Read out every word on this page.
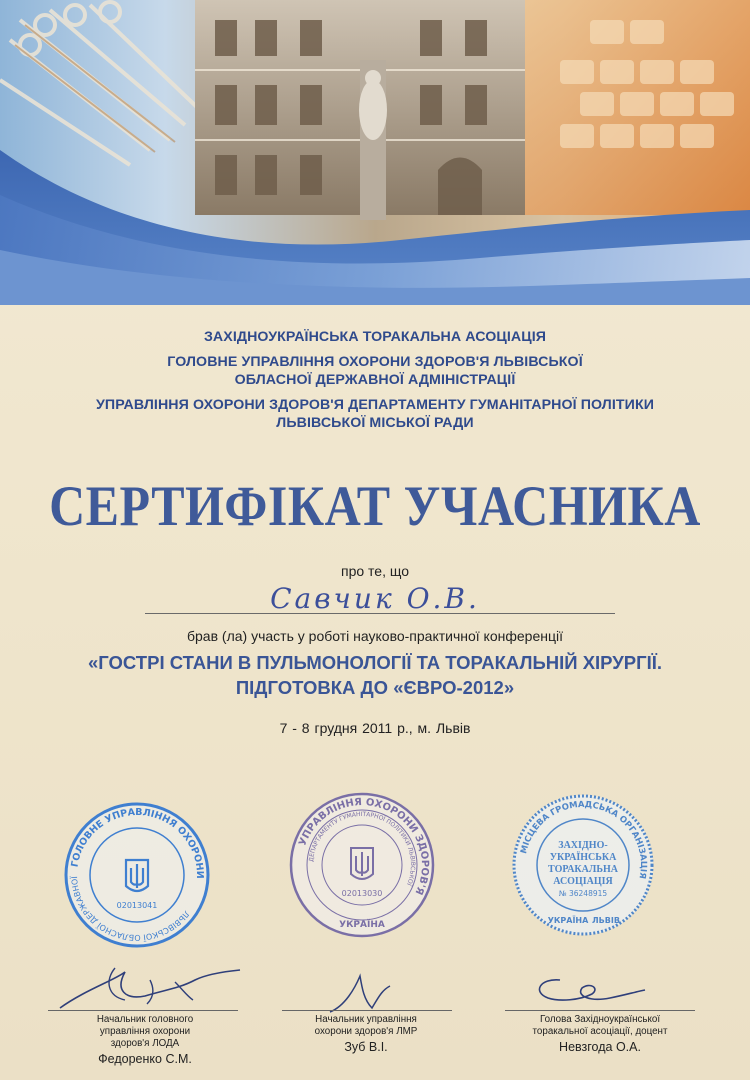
ЗАХІДНОУКРАЇНСЬКА ТОРАКАЛЬНА АСОЦІАЦІЯ
ГОЛОВНЕ УПРАВЛІННЯ ОХОРОНИ ЗДОРОВ'Я ЛЬВІВСЬКОЇ
ОБЛАСНОЇ ДЕРЖАВНОЇ АДМІНІСТРАЦІЇ
УПРАВЛІННЯ ОХОРОНИ ЗДОРОВ'Я ДЕПАРТАМЕНТУ ГУМАНІТАРНОЇ ПОЛІТИКИ
ЛЬВІВСЬКОЇ МІСЬКОЇ РАДИ
СЕРТИФІКАТ УЧАСНИКА
про те, що
Савчик О.В.
брав (ла) участь у роботі науково-практичної конференції
«ГОСТРІ СТАНИ В ПУЛЬМОНОЛОГІЇ ТА ТОРАКАЛЬНІЙ ХІРУРГІЇ.
ПІДГОТОВКА ДО «ЄВРО-2012»
7 - 8 грудня 2011 р., м. Львів
ГОЛОВНЕ УПРАВЛІННЯ ОХОРОНИ
ЛЬВІВСЬКОЇ ОБЛАСНОЇ ДЕРЖАВНОЇ
02013041
УПРАВЛІННЯ ОХОРОНИ ЗДОРОВ'Я
ДЕПАРТАМЕНТУ ГУМАНІТАРНОЇ ПОЛІТИКИ ЛЬВІВСЬКОЇ
02013030
УКРАЇНА
МІСЦЕВА ГРОМАДСЬКА ОРГАНІЗАЦІЯ
ЗАХІДНО-
УКРАЇНСЬКА
ТОРАКАЛЬНА
АСОЦІАЦІЯ
№ 36248915
УКРАЇНА ЛЬВІВ
Начальник головного
управління охорони
здоров'я ЛОДА
Федоренко С.М.
Начальник управління
охорони здоров'я ЛМР
Зуб В.І.
Голова Західноукраїнської
торакальної асоціації, доцент
Невзгода О.А.
